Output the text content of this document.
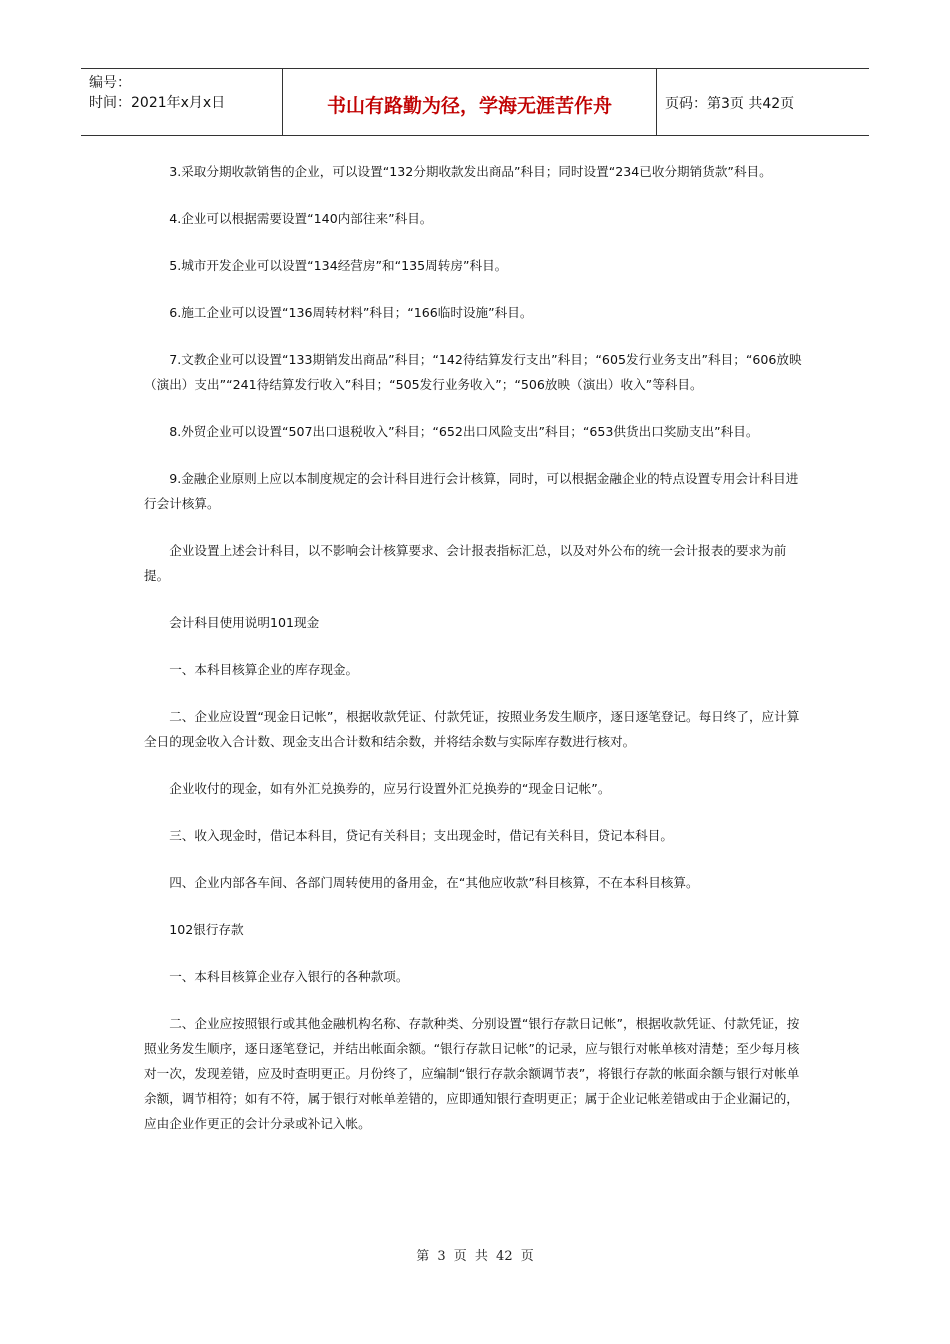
编号：
时间：2021年x月x日	书山有路勤为径，学海无涯苦作舟	页码：第3页 共42页

3.采取分期收款销售的企业，可以设置“132分期收款发出商品”科目；同时设置“234已收分期销货款”科目。

4.企业可以根据需要设置“140内部往来”科目。

5.城市开发企业可以设置“134经营房”和“135周转房”科目。

6.施工企业可以设置“136周转材料”科目；“166临时设施”科目。

7.文教企业可以设置“133期销发出商品”科目；“142待结算发行支出”科目；“605发行业务支出”科目；“606放映（演出）支出”“241待结算发行收入”科目；“505发行业务收入”；“506放映（演出）收入”等科目。

8.外贸企业可以设置“507出口退税收入”科目；“652出口风险支出”科目；“653供货出口奖励支出”科目。

9.金融企业原则上应以本制度规定的会计科目进行会计核算，同时，可以根据金融企业的特点设置专用会计科目进行会计核算。

企业设置上述会计科目，以不影响会计核算要求、会计报表指标汇总，以及对外公布的统一会计报表的要求为前提。

会计科目使用说明101现金

一、本科目核算企业的库存现金。

二、企业应设置“现金日记帐”，根据收款凭证、付款凭证，按照业务发生顺序，逐日逐笔登记。每日终了，应计算全日的现金收入合计数、现金支出合计数和结余数，并将结余数与实际库存数进行核对。

企业收付的现金，如有外汇兑换券的，应另行设置外汇兑换券的“现金日记帐”。

三、收入现金时，借记本科目，贷记有关科目；支出现金时，借记有关科目，贷记本科目。

四、企业内部各车间、各部门周转使用的备用金，在“其他应收款”科目核算，不在本科目核算。

102银行存款

一、本科目核算企业存入银行的各种款项。

二、企业应按照银行或其他金融机构名称、存款种类、分别设置“银行存款日记帐”，根据收款凭证、付款凭证，按照业务发生顺序，逐日逐笔登记，并结出帐面余额。“银行存款日记帐”的记录，应与银行对帐单核对清楚；至少每月核对一次，发现差错，应及时查明更正。月份终了，应编制“银行存款余额调节表”，将银行存款的帐面余额与银行对帐单余额，调节相符；如有不符，属于银行对帐单差错的，应即通知银行查明更正；属于企业记帐差错或由于企业漏记的，应由企业作更正的会计分录或补记入帐。

第 3 页 共 42 页
